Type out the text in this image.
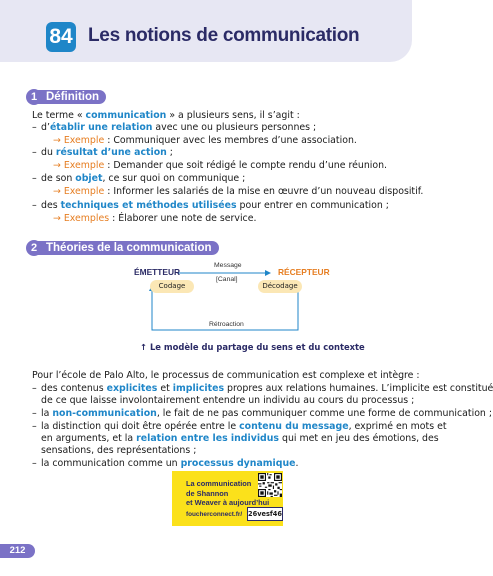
84 Les notions de communication
1 Définition
Le terme « communication » a plusieurs sens, il s’agit :
– d’établir une relation avec une ou plusieurs personnes ;
→ Exemple : Communiquer avec les membres d’une association.
– du résultat d’une action ;
→ Exemple : Demander que soit rédigé le compte rendu d’une réunion.
– de son objet, ce sur quoi on communique ;
→ Exemple : Informer les salariés de la mise en œuvre d’un nouveau dispositif.
– des techniques et méthodes utilisées pour entrer en communication ;
→ Exemples : Élaborer une note de service.
2 Théories de la communication
ÉMETTEUR	RÉCEPTEUR
Message
[Canal]
Codage	Décodage
Rétroaction
↑ Le modèle du partage du sens et du contexte
Pour l’école de Palo Alto, le processus de communication est complexe et intègre :
– des contenus explicites et implicites propres aux relations humaines. L’implicite est constitué
de ce que laisse involontairement entendre un individu au cours du processus ;
– la non-communication, le fait de ne pas communiquer comme une forme de communication ;
– la distinction qui doit être opérée entre le contenu du message, exprimé en mots et
en arguments, et la relation entre les individus qui met en jeu des émotions, des
sensations, des représentations ;
– la communication comme un processus dynamique.
La communication
de Shannon
et Weaver à aujourd’hui
foucherconnect.fr/ 26vesf46
212
